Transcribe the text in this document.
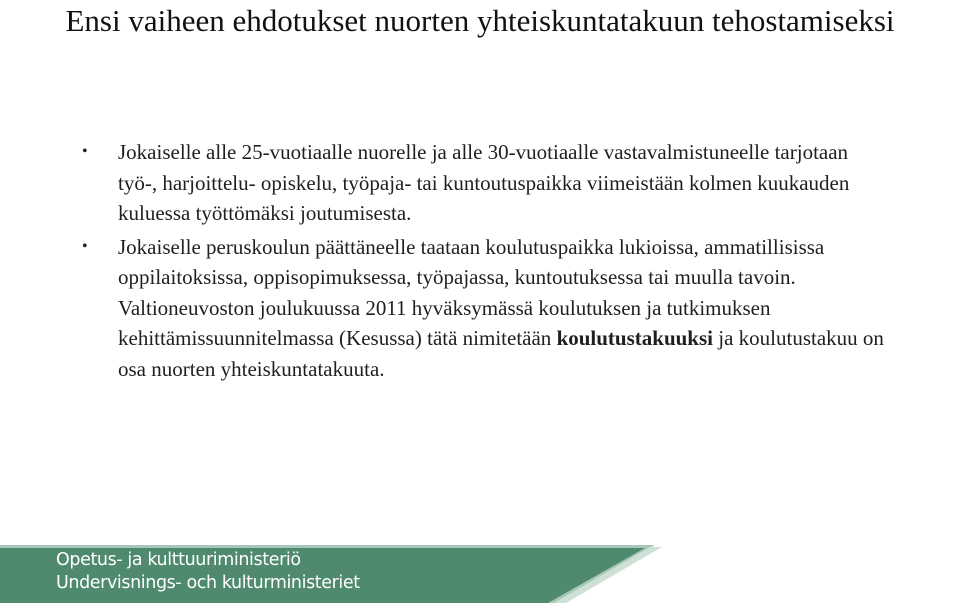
Ensi vaiheen ehdotukset nuorten yhteiskuntatakuun tehostamiseksi
• Jokaiselle alle 25-vuotiaalle nuorelle ja alle 30-vuotiaalle vastavalmistuneelle tarjotaan työ-, harjoittelu- opiskelu, työpaja- tai kuntoutuspaikka viimeistään kolmen kuukauden kuluessa työttömäksi joutumisesta.
• Jokaiselle peruskoulun päättäneelle taataan koulutuspaikka lukioissa, ammatillisissa oppilaitoksissa, oppisopimuksessa, työpajassa, kuntoutuksessa tai muulla tavoin. Valtioneuvoston joulukuussa 2011 hyväksymässä koulutuksen ja tutkimuksen kehittämissuunnitelmassa (Kesussa) tätä nimitetään koulutustakuuksi ja koulutustakuu on osa nuorten yhteiskuntatakuuta.
Opetus- ja kulttuuriministeriö
Undervisnings- och kulturministeriet
